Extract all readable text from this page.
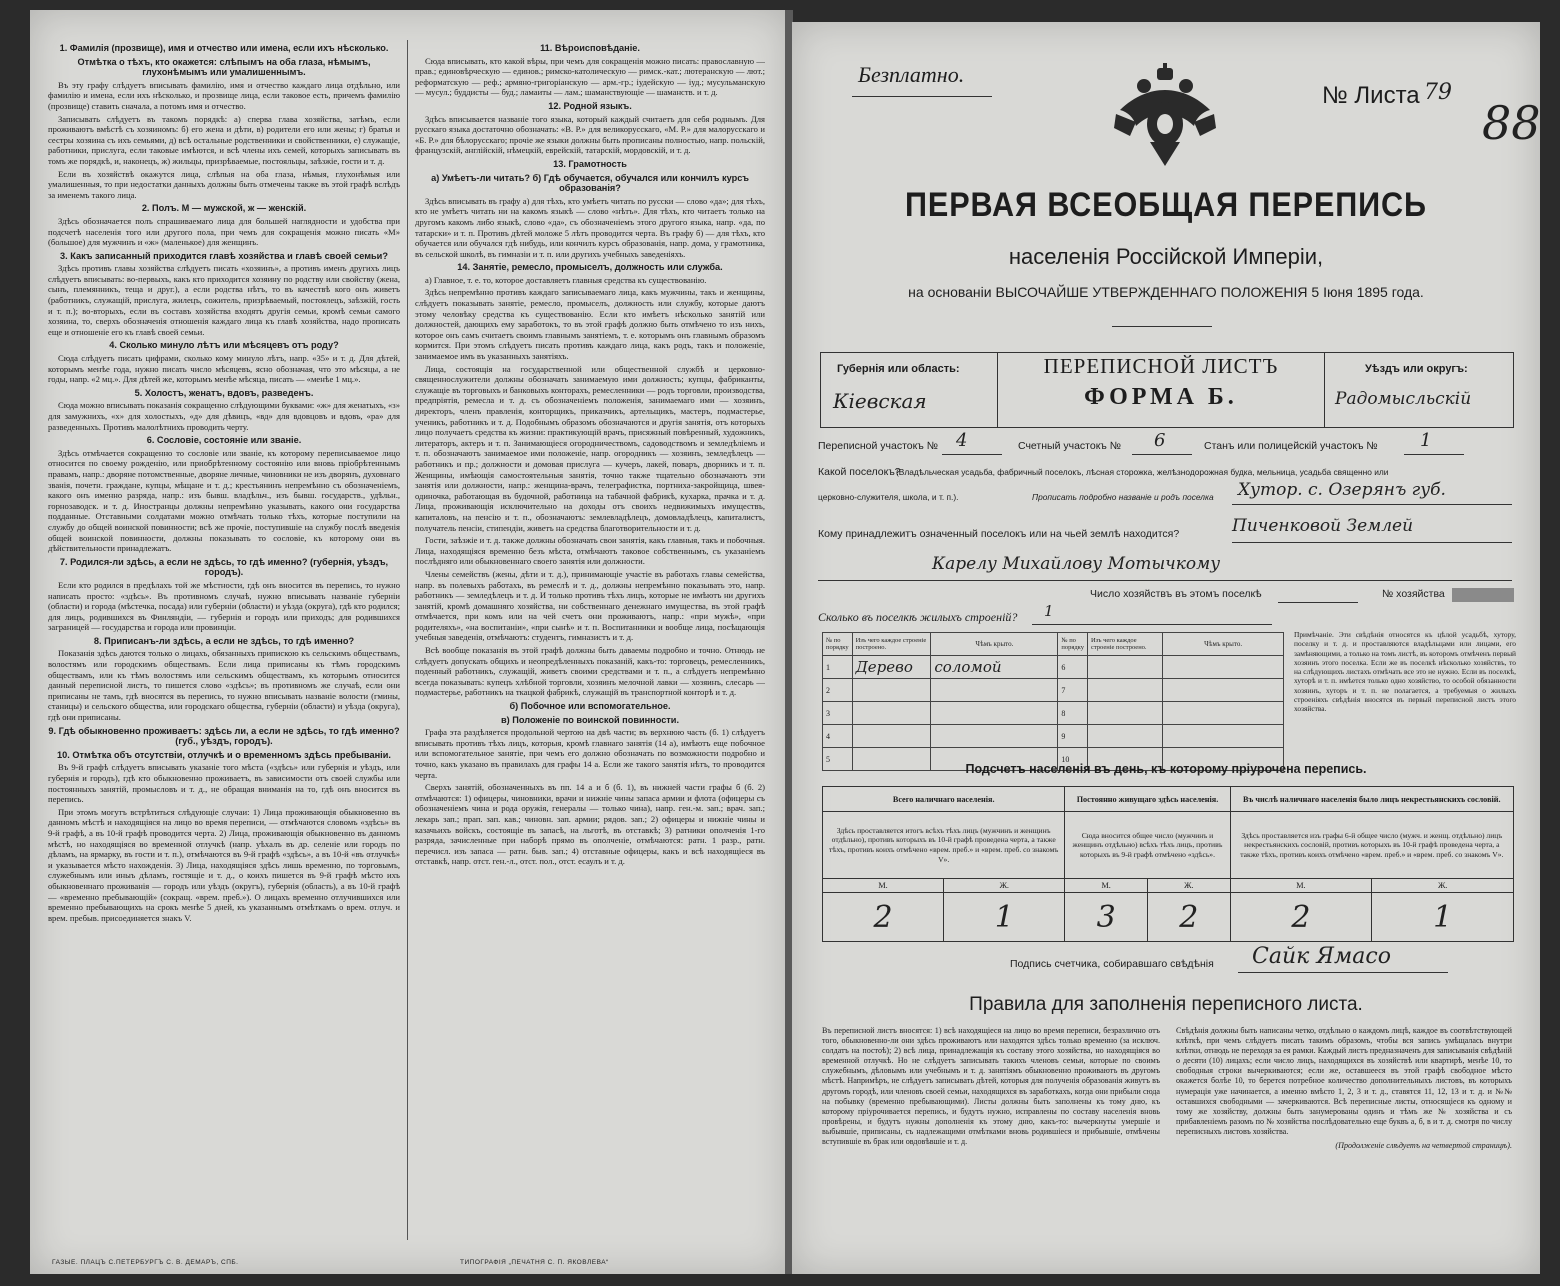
1. Фамилія (прозвище), имя и отчество или имена, если ихъ нѣсколько.
Отмѣтка о тѣхъ, кто окажется: слѣпымъ на оба глаза, нѣмымъ, глухонѣмымъ или умалишеннымъ.
Въ эту графу слѣдуетъ вписывать фамилію, имя и отчество каждаго лица отдѣльно, или фамилію и имена, если ихъ нѣсколько, и прозвище лица, если таковое есть, причемъ фамилію (прозвище) ставить сначала, а потомъ имя и отчество.
Записывать слѣдуетъ въ такомъ порядкѣ: а) сперва глава хозяйства, затѣмъ, если проживаютъ вмѣстѣ съ хозяиномъ: б) его жена и дѣти, в) родители его или жены; г) братья и сестры хозяина съ ихъ семьями, д) всѣ остальные родственники и свойственники, е) служащіе, работники, прислуга, если таковые имѣются, и всѣ члены ихъ семей, которыхъ записывать въ томъ же порядкѣ, и, наконецъ, ж) жильцы, призрѣваемые, постояльцы, заѣзжіе, гости и т. д.
Если въ хозяйствѣ окажутся лица, слѣпыя на оба глаза, нѣмыя, глухонѣмыя или умалишенныя, то при недостатки данныхъ должны быть отмечены также въ этой графѣ вслѣдъ за именемъ такого лица.
2. Полъ. М — мужской, ж — женскій.
Здѣсь обозначается полъ спрашиваемаго лица для большей наглядности и удобства при подсчетѣ населенія того или другого пола, при чемъ для сокращенія можно писать «М» (большое) для мужчинъ и «ж» (маленькое) для женщинъ.
3. Какъ записанный приходится главѣ хозяйства и главѣ своей семьи?
Здѣсь противъ главы хозяйства слѣдуетъ писать «хозяинъ», а противъ именъ другихъ лицъ слѣдуетъ вписывать: во-первыхъ, какъ кто приходится хозяину по родству или свойству (жена, сынъ, племянникъ, теща и друг.), а если родства нѣтъ, то въ качествѣ кого онъ живетъ (работникъ, служащій, прислуга, жилецъ, сожитель, призрѣваемый, постоялецъ, заѣзжій, гость и т. п.); во-вторыхъ, если въ составъ хозяйства входятъ другія семьи, кромѣ семьи самого хозяина, то, сверхъ обозначенія отношенія каждаго лица къ главѣ хозяйства, надо прописать еще и отношеніе его къ главѣ своей семьи.
4. Сколько минуло лѣтъ или мѣсяцевъ отъ роду?
Сюда слѣдуетъ писать цифрами, сколько кому минуло лѣтъ, напр. «35» и т. д. Для дѣтей, которымъ менѣе года, нужно писать число мѣсяцевъ, ясно обозначая, что это мѣсяцы, а не годы, напр. «2 мц.». Для дѣтей же, которымъ менѣе мѣсяца, писать — «менѣе 1 мц.».
5. Холостъ, женатъ, вдовъ, разведенъ.
Сюда можно вписывать показанія сокращенно слѣдующими буквами: «ж» для женатыхъ, «з» для замужнихъ, «х» для холостыхъ, «д» для дѣвицъ, «вд» для вдовцовъ и вдовъ, «ра» для разведенныхъ. Противъ малолѣтнихъ проводить черту.
6. Сословіе, состояніе или званіе.
Здѣсь отмѣчается сокращенно то сословіе или званіе, къ которому переписываемое лицо относится по своему рожденію, или приобрѣтенному состоянію или вновь пріобрѣтеннымъ правамъ, напр.: дворяне потомственные, дворяне личные, чиновники не изъ дворянъ, духовнаго званія, почетн. граждане, купцы, мѣщане и т. д.; крестьянинъ непремѣнно съ обозначеніемъ, какого онъ именно разряда, напр.: изъ бывш. владѣльч., изъ бывш. государств., удѣльн., горнозаводск. и т. д. Иностранцы должны непремѣнно указывать, какого они государства подданные. Отставными солдатами можно отмѣчать только тѣхъ, которые поступили на службу до общей воинской повинности; всѣ же прочіе, поступившіе на службу послѣ введенія общей воинской повинности, должны показывать то сословіе, къ которому они въ дѣйствительности принадлежатъ.
7. Родился-ли здѣсь, а если не здѣсь, то гдѣ именно? (губернія, уѣздъ, городъ).
Если кто родился в предѣлахъ той же мѣстности, гдѣ онъ вносится въ перепись, то нужно написать просто: «здѣсь». Въ противномъ случаѣ, нужно вписывать названіе губерніи (области) и города (мѣстечка, посада) или губерніи (области) и уѣзда (округа), гдѣ кто родился; для лицъ, родившихся въ Финляндіи, — губернія и городъ или приходъ; для родившихся заграницей — государства и города или провинціи.
8. Приписанъ-ли здѣсь, а если не здѣсь, то гдѣ именно?
Показанія здѣсь даются только о лицахъ, обязанныхъ припискою къ сельскимъ обществамъ, волостямъ или городскимъ обществамъ. Если лица приписаны къ тѣмъ городскимъ обществамъ, или къ тѣмъ волостямъ или сельскимъ обществамъ, къ которымъ относится данный переписной листъ, то пишется слово «здѣсь»; въ противномъ же случаѣ, если они приписаны не тамъ, гдѣ вносятся въ перепись, то нужно вписывать названіе волости (гмины, станицы) и сельского общества, или городскаго общества, губерніи (области) и уѣзда (округа), гдѣ они приписаны.
9. Гдѣ обыкновенно проживаетъ: здѣсь ли, а если не здѣсь, то гдѣ именно? (губ., уѣздъ, городъ).
10. Отмѣтка объ отсутствіи, отлучкѣ и о временномъ здѣсь пребываніи.
Въ 9-й графѣ слѣдуетъ вписывать указаніе того мѣста («здѣсь» или губернія и уѣздъ, или губернія и городъ), гдѣ кто обыкновенно проживаетъ, въ зависимости отъ своей службы или постоянныхъ занятій, промысловъ и т. д., не обращая вниманія на то, гдѣ онъ вносится въ перепись.
При этомъ могутъ встрѣтиться слѣдующіе случаи: 1) Лица проживающія обыкновенно въ данномъ мѣстѣ и находящіяся на лицо во время переписи, — отмѣчаются словомъ «здѣсь» въ 9-й графѣ, а въ 10-й графѣ проводится черта. 2) Лица, проживающія обыкновенно въ данномъ мѣстѣ, но находящіяся во временной отлучкѣ (напр. уѣхалъ въ др. селеніе или городъ по дѣламъ, на ярмарку, въ гости и т. п.), отмѣчаются въ 9-й графѣ «здѣсь», а въ 10-й «въ отлучкѣ» и указывается мѣсто нахожденія. 3) Лица, находящіяся здѣсь лишь временно, по торговымъ, служебнымъ или иныъ дѣламъ, гостящіе и т. д., о коихъ пишется въ 9-й графѣ мѣсто ихъ обыкновеннаго проживанія — городъ или уѣздъ (округъ), губернія (область), а въ 10-й графѣ — «временно пребывающій» (сокращ. «врем. преб.»). О лицахъ временно отлучившихся или временно пребывающихъ на срокъ менѣе 5 дней, къ указаннымъ отмѣткамъ о врем. отлуч. и врем. пребыв. присоединяется знакъ V.
11. Вѣроисповѣданіе.
Сюда вписывать, кто какой вѣры, при чемъ для сокращенія можно писать: православную — прав.; единовѣрческую — единов.; римско-католическую — римск.-кат.; лютеранскую — лют.; реформатскую — реф.; армяно-григоріанскую — арм.-гр.; іудейскую — іуд.; мусульманскую — мусул.; буддисты — буд.; ламаиты — лам.; шаманствующіе — шаманств. и т. д.
12. Родной языкъ.
Здѣсь вписывается названіе того языка, который каждый считаетъ для себя роднымъ. Для русскаго языка достаточно обозначать: «В. Р.» для великорусскаго, «М. Р.» для малорусскаго и «Б. Р.» для бѣлорусскаго; прочіе же языки должны быть прописаны полностью, напр. польскій, французскій, англійскій, нѣмецкій, еврейскій, татарскій, мордовскій, и т. д.
13. Грамотность
а) Умѣетъ-ли читать? б) Гдѣ обучается, обучался или кончилъ курсъ образованія?
Здѣсь вписывать въ графу а) для тѣхъ, кто умѣетъ читать по русски — слово «да»; для тѣхъ, кто не умѣетъ читать ни на какомъ языкѣ — слово «нѣтъ». Для тѣхъ, кто читаетъ только на другомъ какомъ либо языкѣ, слово «да», съ обозначеніемъ этого другого языка, напр. «да, по татарски» и т. п. Противъ дѣтей моложе 5 лѣтъ проводится черта. Въ графу б) — для тѣхъ, кто обучается или обучался гдѣ нибудь, или кончилъ курсъ образованія, напр. дома, у грамотника, въ сельской школѣ, въ гимназіи и т. п. или другихъ учебныхъ заведеніяхъ.
14. Занятіе, ремесло, промыселъ, должность или служба.
а) Главное, т. е. то, которое доставляетъ главныя средства къ существованію.
Здѣсь непремѣнно противъ каждаго записываемаго лица, какъ мужчины, такъ и женщины, слѣдуетъ показывать занятіе, ремесло, промыселъ, должность или службу, которые даютъ этому человѣку средства къ существованію. Если кто имѣетъ нѣсколько занятій или должностей, дающихъ ему заработокъ, то въ этой графѣ должно быть отмѣчено то изъ нихъ, которое онъ самъ считаетъ своимъ главнымъ занятіемъ, т. е. которымъ онъ главнымъ образомъ кормится. При этомъ слѣдуетъ писать противъ каждаго лица, какъ родъ, такъ и положеніе, занимаемое имъ въ указанныхъ занятіяхъ.
Лица, состоящія на государственной или общественной службѣ и церковно-священнослужители должны обозначать занимаемую ими должность; купцы, фабриканты, служащіе въ торговыхъ и банковыхъ конторахъ, ремесленники — родъ торговли, производства, предпріятія, ремесла и т. д. съ обозначеніемъ положенія, занимаемаго ими — хозяинъ, директоръ, членъ правленія, конторщикъ, приказчикъ, артельщикъ, мастеръ, подмастерье, ученикъ, работникъ и т. д. Подобнымъ образомъ обозначаются и другія занятія, отъ которыхъ лицо получаетъ средства къ жизни: практикующій врачъ, присяжный повѣренный, художникъ, литераторъ, актеръ и т. п. Занимающіеся огородничествомъ, садоводствомъ и земледѣліемъ и т. п. обозначаютъ занимаемое ими положеніе, напр. огородникъ — хозяинъ, земледѣлецъ — работникъ и пр.; должности и домовая прислуга — кучеръ, лакей, поваръ, дворникъ и т. п. Женщины, имѣющія самостоятельныя занятія, точно также тщательно обозначаютъ эти занятія или должности, напр.: женщина-врачъ, телеграфистка, портниха-закройщица, швея-одиночка, работающая въ будочной, работница на табачной фабрикѣ, кухарка, прачка и т. д. Лица, проживающія исключительно на доходы отъ своихъ недвижимыхъ имуществъ, капиталовъ, на пенсію и т. п., обозначаютъ: землевладѣлецъ, домовладѣлецъ, капиталистъ, получатель пенсіи, стипендіи, живетъ на средства благотворительности и т. д.
Гости, заѣзжіе и т. д. также должны обозначать свои занятія, какъ главныя, такъ и побочныя. Лица, находящіяся временно безъ мѣста, отмѣчаютъ таковое собственнымъ, съ указаніемъ послѣдняго или обыкновеннаго своего занятія или должности.
Члены семействъ (жены, дѣти и т. д.), принимающіе участіе въ работахъ главы семейства, напр. въ полевыхъ работахъ, въ ремеслѣ и т. д., должны непремѣнно показывать это, напр. работникъ — земледѣлецъ и т. д. И только противъ тѣхъ лицъ, которые не имѣютъ ни другихъ занятій, кромѣ домашняго хозяйства, ни собственнаго денежнаго имущества, въ этой графѣ отмѣчается, при комъ или на чей счетъ они проживаютъ, напр.: «при мужѣ», «при родителяхъ», «на воспитаніи», «при сынѣ» и т. п. Воспитанники и вообще лица, посѣщающія учебныя заведенія, отмѣчаютъ: студентъ, гимназистъ и т. д.
Всѣ вообще показанія въ этой графѣ должны быть даваемы подробно и точно. Отнюдь не слѣдуетъ допускать общихъ и неопредѣленныхъ показаній, какъ-то: торговецъ, ремесленникъ, поденный работникъ, служащій, живетъ своими средствами и т. п., а слѣдуетъ непремѣнно всегда показывать: купецъ хлѣбной торговли, хозяинъ мелочной лавки — хозяинъ, слесарь — подмастерье, работникъ на ткацкой фабрикѣ, служащій въ транспортной конторѣ и т. д.
б) Побочное или вспомогательное.
в) Положеніе по воинской повинности.
Графа эта раздѣляется продольной чертою на двѣ части; въ верхнюю часть (б. 1) слѣдуетъ вписывать противъ тѣхъ лицъ, которыя, кромѣ главнаго занятія (14 а), имѣютъ еще побочное или вспомогательное занятіе, при чемъ его должно обозначать по возможности подробно и точно, какъ указано въ правилахъ для графы 14 а. Если же такого занятія нѣтъ, то проводится черта.
Сверхъ занятій, обозначенныхъ въ пп. 14 а и б (б. 1), въ нижней части графы б (б. 2) отмѣчаются: 1) офицеры, чиновники, врачи и нижніе чины запаса армии и флота (офицеры съ обозначеніемъ чина и рода оружія, генералы — только чина), напр. ген.-м. зап.; врач. зап.; лекарь зап.; прап. зап. кав.; чиновн. зап. армии; рядов. зап.; 2) офицеры и нижніе чины и казачьихъ войскъ, состоящіе въ запасѣ, на льготѣ, въ отставкѣ; 3) ратники ополченія 1-го разряда, зачисленные при наборѣ прямо въ ополченіе, отмѣчаются: ратн. 1 разр., ратн. перечисл. изъ запаса — ратн. быв. зап.; 4) отставные офицеры, какъ и всѣ находящіеся въ отставкѣ, напр. отст. ген.-л., отст. пол., отст. есаулъ и т. д.
ГАЗЫЕ. ПЛАЦЪ С.ПЕТЕРБУРГЪ С. В. ДЕМАРЪ, СПБ.	ТИПОГРАФІЯ „ПЕЧАТНЯ С. П. ЯКОВЛЕВА“
Безплатно.
№ Листа 79
88
ПЕРВАЯ ВСЕОБЩАЯ ПЕРЕПИСЬ
населенія Россійской Имперіи,
на основаніи ВЫСОЧАЙШЕ УТВЕРЖДЕННАГО ПОЛОЖЕНІЯ 5 Іюня 1895 года.
Губернія или область:
Кіевская
ПЕРЕПИСНОЙ ЛИСТЪ
ФОРМА Б.
Уѣздъ или округъ:
Радомысльскій
Переписной участокъ № 4	Счетный участокъ № 6	Станъ или полицейскій участокъ № 1
Какой поселокъ?
(Владѣльческая усадьба, фабричный поселокъ, лѣсная сторожка, желѣзнодорожная будка, мельница, усадьба священно или
церковно-служителя, школа, и т. п.).	Прописать подробно названіе и родъ поселка Хутор. с. Озерянъ губ.
Кому принадлежитъ означенный поселокъ или на чьей землѣ находится?	Пиченковой Землей
Карелу Михайлову Мотычкому
Число хозяйствъ въ этомъ поселкѣ	№ хозяйства
Сколько въ поселкѣ жилыхъ строеній? 1
№ по порядку	Изъ чего каждое строеніе построено.	Чѣмъ крыто.	№ по порядку	Изъ чего каждое строеніе построено.	Чѣмъ крыто.
1	Дерево	соломой	6		
2			7		
3			8		
4			9		
5			10		
Примѣчаніе. Эти свѣдѣнія относятся къ цѣлой усадьбѣ, хутору, поселку и т. д. и проставляются владѣльцами или лицами, его замѣняющими, а только на томъ листѣ, въ которомъ отмѣченъ первый хозяинъ этого поселка. Если же въ поселкѣ нѣсколько хозяйствъ, то на слѣдующихъ листахъ отмѣчать все это не нужно. Если въ поселкѣ, хуторѣ и т. п. имѣется только одно хозяйство, то особой обязанности хозяинъ, хуторъ и т. п. не полагается, а требуемыя о жилыхъ строеніяхъ свѣдѣнія вносятся въ первый переписной листъ этого хозяйства.
Подсчетъ населенія въ день, къ которому пріурочена перепись.
Всего наличнаго населенія.		Постоянно живущаго здѣсь населенія.		Въ числѣ наличнаго населенія было лицъ некрестьянскихъ сословій.	
Здѣсь проставляется итогъ всѣхъ тѣхъ лицъ (мужчинъ и женщинъ отдѣльно), противъ которыхъ въ 10-й графѣ проведена черта, а также тѣхъ, противъ коихъ отмѣчено «врем. преб.» и «врем. преб. со знакомъ V».		Сюда вносится общее число (мужчинъ и женщинъ отдѣльно) всѣхъ тѣхъ лицъ, противъ которыхъ въ 9-й графѣ отмѣчено «здѣсь».		Здѣсь проставляется изъ графы 6-й общее число (мужч. и женщ. отдѣльно) лицъ некрестьянскихъ сословій, противъ которыхъ въ 10-й графѣ проведена черта, а также тѣхъ, противъ коихъ отмѣчено «врем. преб.» и «врем. преб. со знакомъ V».	
М.	Ж.	М.	Ж.	М.	Ж.
2	1	3	2	2	1
Подпись счетчика, собиравшаго свѣдѣнія Сайк Ямасо
Правила для заполненія переписного листа.
Въ переписной листъ вносятся: 1) всѣ находящіеся на лицо во время переписи, безразлично отъ того, обыкновенно-ли они здѣсь проживаютъ или находятся здѣсь только временно (за исключ. солдатъ на постоѣ); 2) всѣ лица, принадлежащія къ составу этого хозяйства, но находящіяся во временной отлучкѣ. Но не слѣдуетъ записывать такихъ членовъ семьи, которые по своимъ служебнымъ, дѣловымъ или учебнымъ и т. д. занятіямъ обыкновенно проживаютъ въ другомъ мѣстѣ. Напримѣръ, не слѣдуетъ записывать дѣтей, которыя для полученія образованія живутъ въ другомъ городѣ, или членовъ своей семьи, находящихся въ заработкахъ, когда они прибыли сюда на побывку (временно пребывающими). Листы должны быть заполнены къ тому дню, къ которому пріурочивается перепись, и будутъ нужно, исправлены по составу населенія вновь провѣрены, и будутъ нужны дополненія къ этому дню, какъ-то: вычеркнуты умершіе и выбывшіе, приписаны, съ надлежащими отмѣтками вновь родившіеся и прибывшіе, отмѣчены вступившіе въ брак или овдовѣвшіе и т. д.
Свѣдѣнія должны быть написаны четко, отдѣльно о каждомъ лицѣ, каждое въ соотвѣтствующей клѣткѣ, при чемъ слѣдуетъ писать такимъ образомъ, чтобы вся запись умѣщалась внутри клѣтки, отнюдь не переходя за ея рамки. Каждый листъ предназначенъ для записыванія свѣдѣній о десяти (10) лицахъ; если число лицъ, находящихся въ хозяйствѣ или квартирѣ, менѣе 10, то свободныя строки вычеркиваются; если же, оставшееся въ этой графѣ свободное мѣсто окажется болѣе 10, то берется потребное количество дополнительныхъ листовъ, въ которыхъ нумерація уже начинается, а именно вмѣсто 1, 2, 3 и т. д., ставятся 11, 12, 13 и т. д. и №№ оставшихся свободными — зачеркиваются. Всѣ переписные листы, относящіеся къ одному и тому же хозяйству, должны быть занумерованы одинъ и тѣмъ же № хозяйства и съ прибавленіемъ разомъ по № хозяйства послѣдовательно еще буквъ а, б, в и т. д. смотря по числу переписныхъ листовъ хозяйства.
(Продолженіе слѣдуетъ на четвертой страницѣ).
